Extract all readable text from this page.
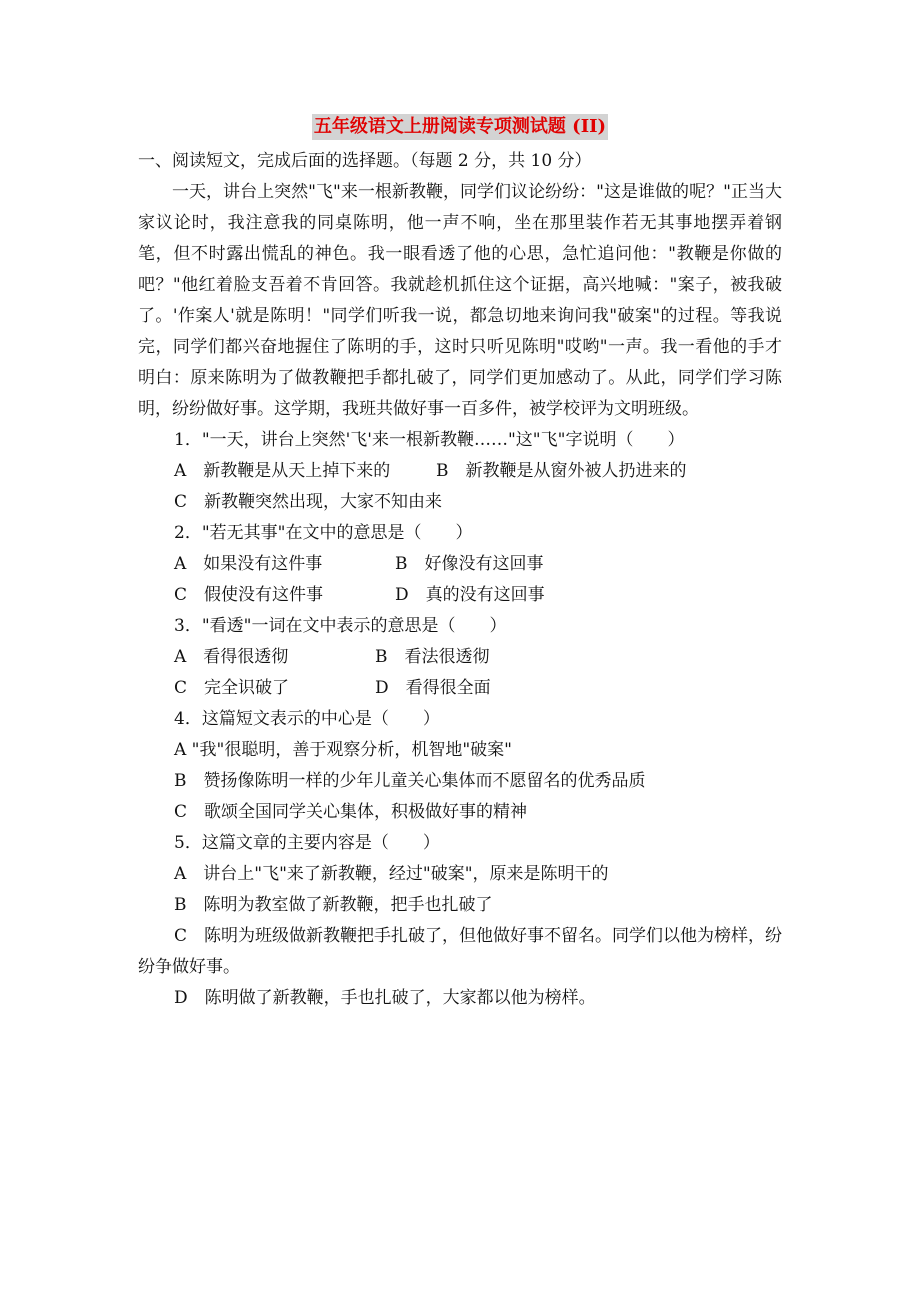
五年级语文上册阅读专项测试题 (II)
一、阅读短文，完成后面的选择题。（每题 2 分，共 10 分）

一天，讲台上突然"飞"来一根新教鞭，同学们议论纷纷："这是谁做的呢？"正当大家议论时，我注意我的同桌陈明，他一声不响，坐在那里装作若无其事地摆弄着钢笔，但不时露出慌乱的神色。我一眼看透了他的心思，急忙追问他："教鞭是你做的吧？"他红着脸支吾着不肯回答。我就趁机抓住这个证据，高兴地喊："案子，被我破了。'作案人'就是陈明！"同学们听我一说，都急切地来询问我"破案"的过程。等我说完，同学们都兴奋地握住了陈明的手，这时只听见陈明"哎哟"一声。我一看他的手才明白：原来陈明为了做教鞭把手都扎破了，同学们更加感动了。从此，同学们学习陈明，纷纷做好事。这学期，我班共做好事一百多件，被学校评为文明班级。

1．"一天，讲台上突然'飞'来一根新教鞭……"这"飞"字说明（　　）
A　新教鞭是从天上掉下来的	B　新教鞭是从窗外被人扔进来的
C　新教鞭突然出现，大家不知由来
2．"若无其事"在文中的意思是（　　）
A　如果没有这件事	B　好像没有这回事
C　假使没有这件事	D　真的没有这回事
3．"看透"一词在文中表示的意思是（　　）
A　看得很透彻	B　看法很透彻
C　完全识破了	D　看得很全面
4．这篇短文表示的中心是（　　）
A "我"很聪明，善于观察分析，机智地"破案"
B　赞扬像陈明一样的少年儿童关心集体而不愿留名的优秀品质
C　歌颂全国同学关心集体，积极做好事的精神
5．这篇文章的主要内容是（　　）
A　讲台上"飞"来了新教鞭，经过"破案"，原来是陈明干的
B　陈明为教室做了新教鞭，把手也扎破了

C　陈明为班级做新教鞭把手扎破了，但他做好事不留名。同学们以他为榜样，纷纷争做好事。

D　陈明做了新教鞭，手也扎破了，大家都以他为榜样。
